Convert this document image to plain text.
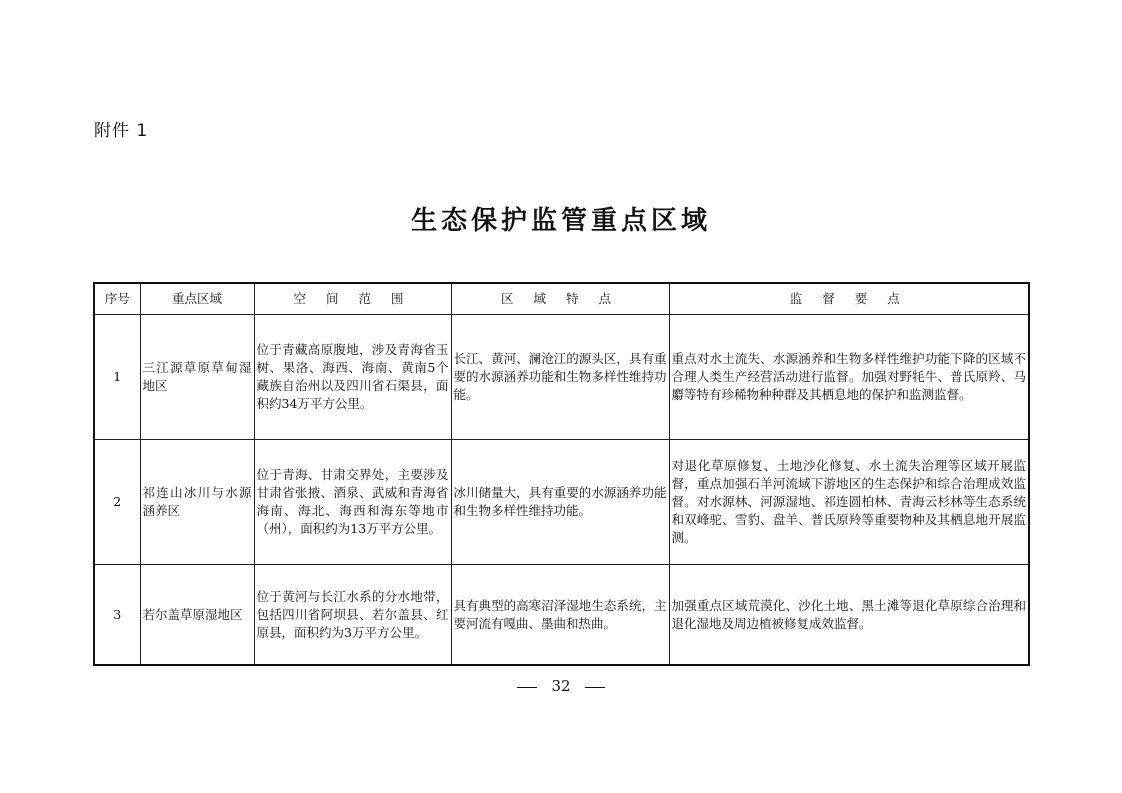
附件 1
生态保护监管重点区域
序号	重点区域	空 间 范 围	区 域 特 点	监 督 要 点
1	三江源草原草甸湿地区	位于青藏高原腹地，涉及青海省玉树、果洛、海西、海南、黄南5个藏族自治州以及四川省石渠县，面积约34万平方公里。	长江、黄河、澜沧江的源头区，具有重要的水源涵养功能和生物多样性维持功能。	重点对水土流失、水源涵养和生物多样性维护功能下降的区域不合理人类生产经营活动进行监督。加强对野牦牛、普氏原羚、马麝等特有珍稀物种种群及其栖息地的保护和监测监督。
2	祁连山冰川与水源涵养区	位于青海、甘肃交界处，主要涉及甘肃省张掖、酒泉、武威和青海省海南、海北、海西和海东等地市（州），面积约为13万平方公里。	冰川储量大，具有重要的水源涵养功能和生物多样性维持功能。	对退化草原修复、土地沙化修复、水土流失治理等区域开展监督，重点加强石羊河流域下游地区的生态保护和综合治理成效监督。对水源林、河源湿地、祁连圆柏林、青海云杉林等生态系统和双峰驼、雪豹、盘羊、普氏原羚等重要物种及其栖息地开展监测。
3	若尔盖草原湿地区	位于黄河与长江水系的分水地带，包括四川省阿坝县、若尔盖县、红原县，面积约为3万平方公里。	具有典型的高寒沼泽湿地生态系统，主要河流有嘎曲、墨曲和热曲。	加强重点区域荒漠化、沙化土地、黑土滩等退化草原综合治理和退化湿地及周边植被修复成效监督。
32
